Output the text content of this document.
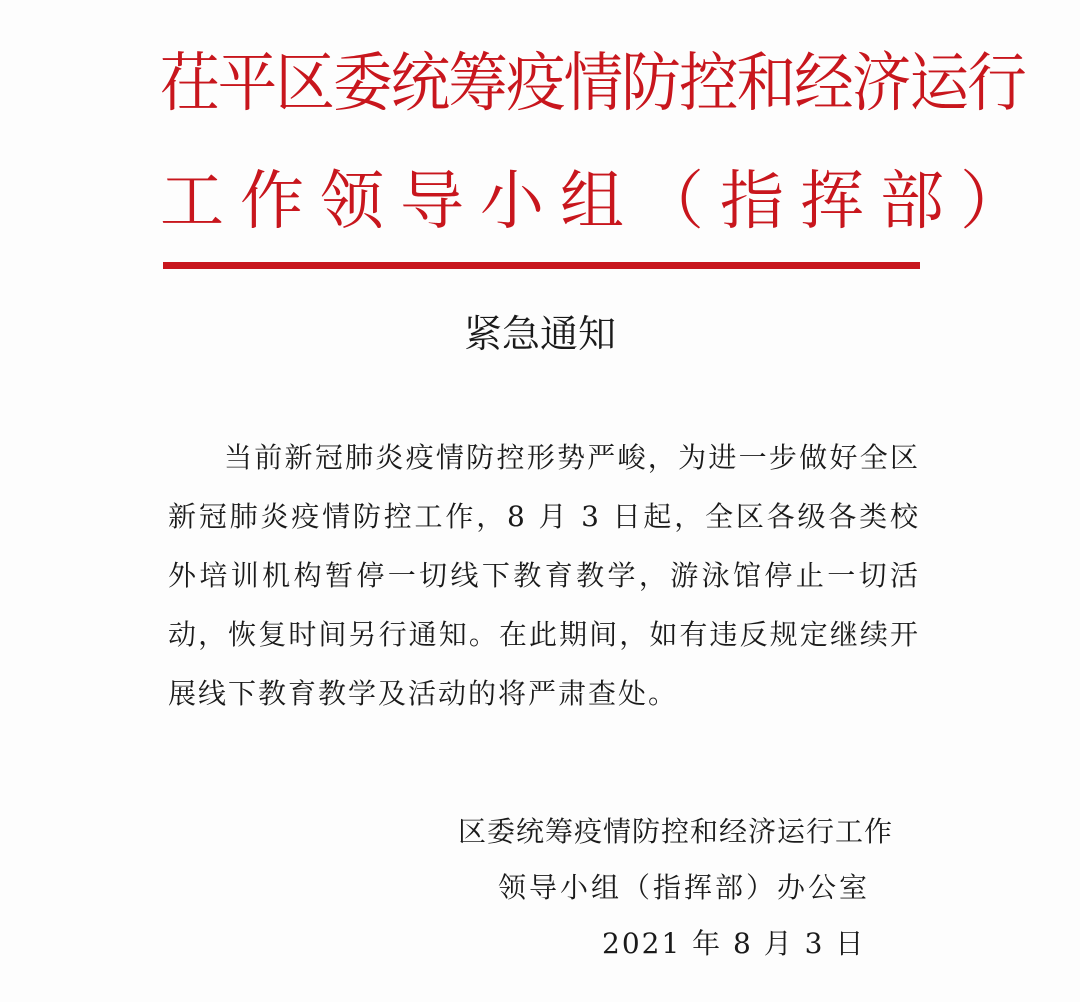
茌平区委统筹疫情防控和经济运行
工作领导小组（指挥部）
紧急通知
当前新冠肺炎疫情防控形势严峻，为进一步做好全区新冠肺炎疫情防控工作，8 月 3 日起，全区各级各类校外培训机构暂停一切线下教育教学，游泳馆停止一切活动，恢复时间另行通知。在此期间，如有违反规定继续开展线下教育教学及活动的将严肃查处。
区委统筹疫情防控和经济运行工作
领导小组（指挥部）办公室
2021 年 8 月 3 日
